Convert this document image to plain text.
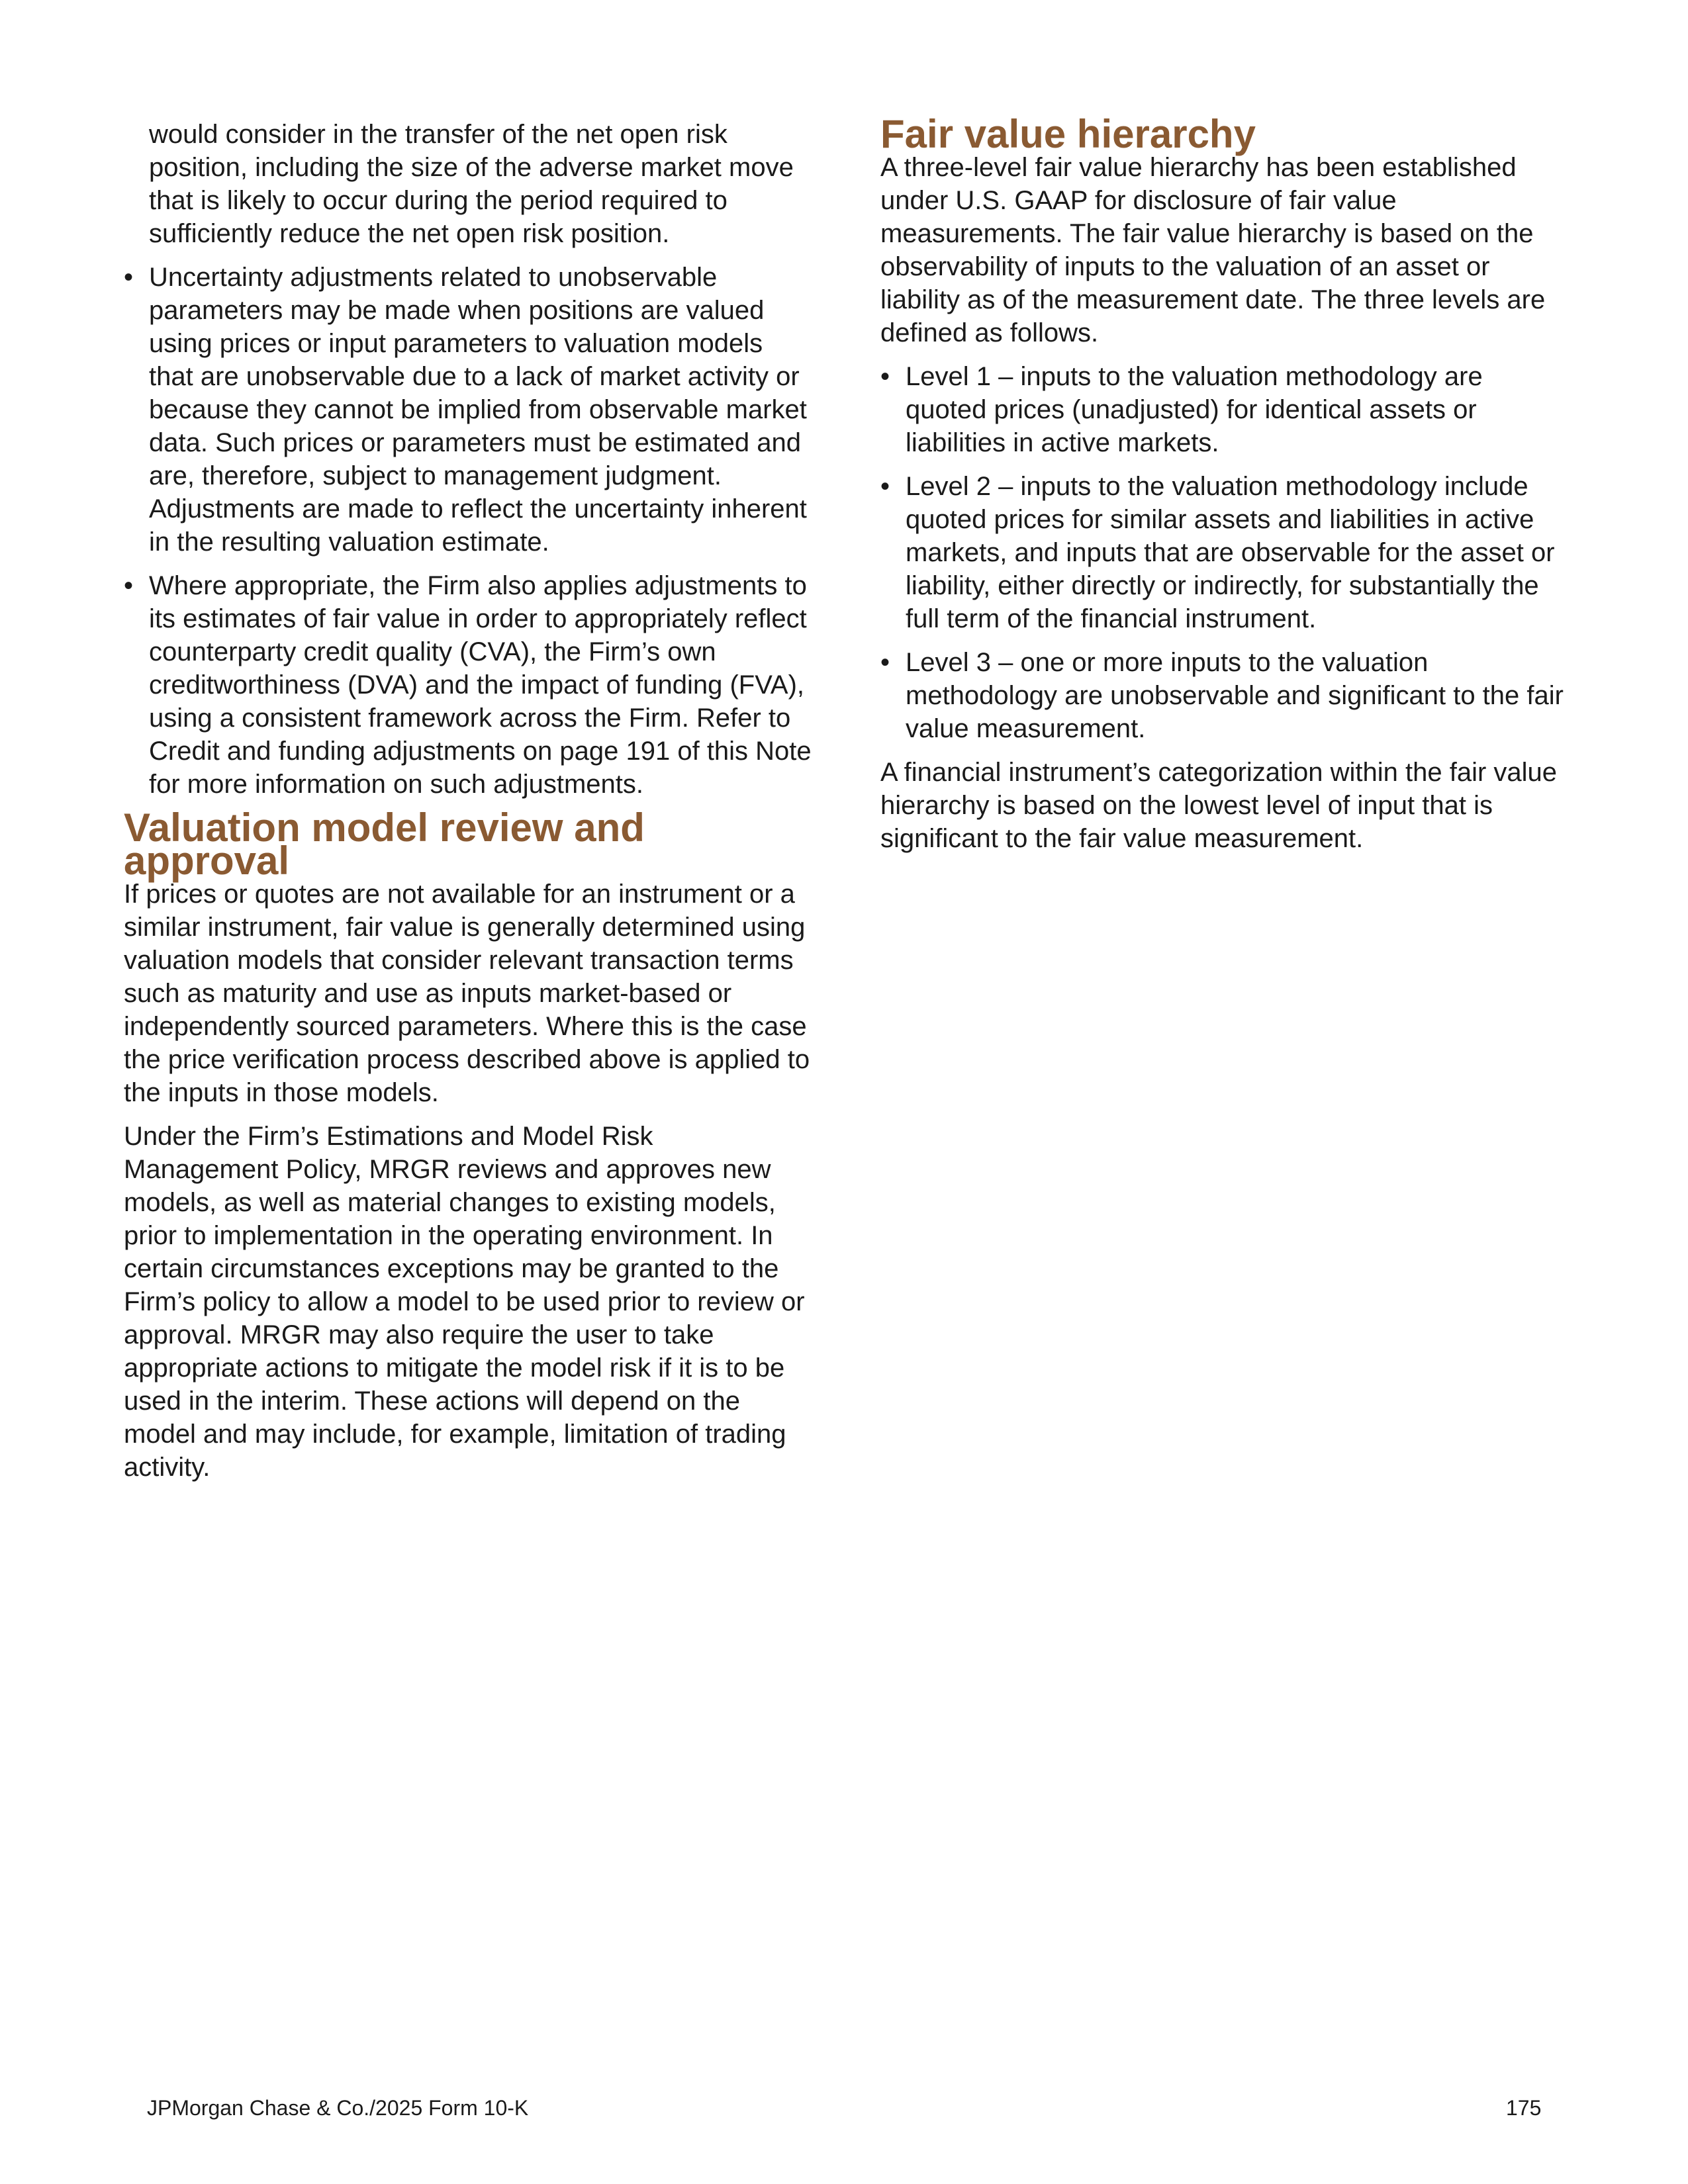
would consider in the transfer of the net open risk position, including the size of the adverse market move that is likely to occur during the period required to sufficiently reduce the net open risk position.

• Uncertainty adjustments related to unobservable parameters may be made when positions are valued using prices or input parameters to valuation models that are unobservable due to a lack of market activity or because they cannot be implied from observable market data. Such prices or parameters must be estimated and are, therefore, subject to management judgment. Adjustments are made to reflect the uncertainty inherent in the resulting valuation estimate.
• Where appropriate, the Firm also applies adjustments to its estimates of fair value in order to appropriately reflect counterparty credit quality (CVA), the Firm’s own creditworthiness (DVA) and the impact of funding (FVA), using a consistent framework across the Firm. Refer to Credit and funding adjustments on page 191 of this Note for more information on such adjustments.
Valuation model review and approval

If prices or quotes are not available for an instrument or a similar instrument, fair value is generally determined using valuation models that consider relevant transaction terms such as maturity and use as inputs market-based or independently sourced parameters. Where this is the case the price verification process described above is applied to the inputs in those models.

Under the Firm’s Estimations and Model Risk Management Policy, MRGR reviews and approves new models, as well as material changes to existing models, prior to implementation in the operating environment. In certain circumstances exceptions may be granted to the Firm’s policy to allow a model to be used prior to review or approval. MRGR may also require the user to take appropriate actions to mitigate the model risk if it is to be used in the interim. These actions will depend on the model and may include, for example, limitation of trading activity.

Fair value hierarchy

A three-level fair value hierarchy has been established under U.S. GAAP for disclosure of fair value measurements. The fair value hierarchy is based on the observability of inputs to the valuation of an asset or liability as of the measurement date. The three levels are defined as follows.

• Level 1 – inputs to the valuation methodology are quoted prices (unadjusted) for identical assets or liabilities in active markets.
• Level 2 – inputs to the valuation methodology include quoted prices for similar assets and liabilities in active markets, and inputs that are observable for the asset or liability, either directly or indirectly, for substantially the full term of the financial instrument.
• Level 3 – one or more inputs to the valuation methodology are unobservable and significant to the fair value measurement.

A financial instrument’s categorization within the fair value hierarchy is based on the lowest level of input that is significant to the fair value measurement.

JPMorgan Chase & Co./2025 Form 10-K	175
